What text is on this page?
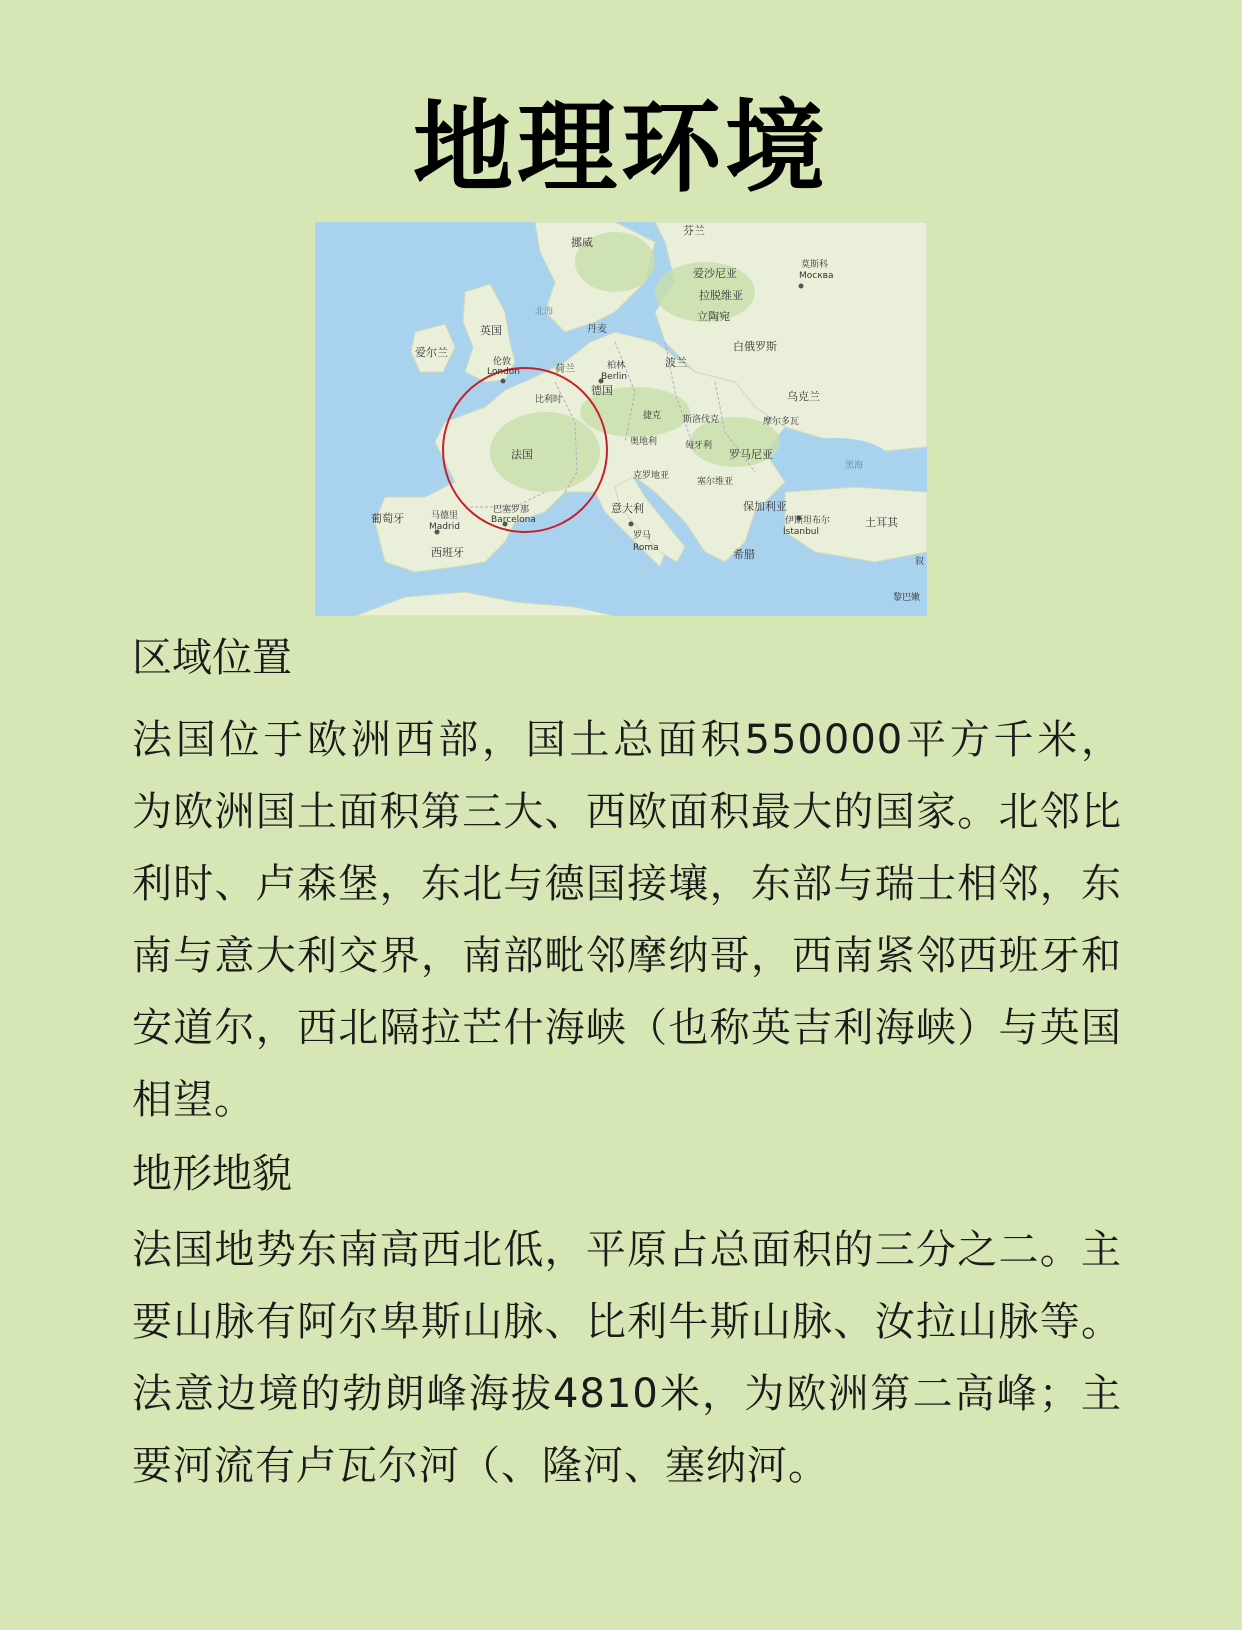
地理环境
芬兰
挪威
爱沙尼亚
莫斯科
Москва
拉脱维亚
立陶宛
北海
英国	丹麦
爱尔兰	白俄罗斯
伦敦
London	荷兰	柏林
Berlin
波兰
比利时
德国	乌克兰
捷克 斯洛伐克	摩尔多瓦
奥地利	匈牙利
法国	罗马尼亚
黑海
克罗地亚
塞尔维亚
巴塞罗那
Barcelona
意大利	保加利亚
葡萄牙	马德里
Madrid
伊斯坦布尔
İstanbul
土耳其
西班牙
罗马
Roma	希腊
叙
黎巴嫩

区域位置

法国位于欧洲西部，国土总面积550000平方千米， 为欧洲国土面积第三大、西欧面积最大的国家。北邻比利时、卢森堡，东北与德国接壤，东部与瑞士相邻，东南与意大利交界，南部毗邻摩纳哥，西南紧邻西班牙和安道尔，西北隔拉芒什海峡（也称英吉利海峡）与英国相望。

地形地貌

法国地势东南高西北低，平原占总面积的三分之二。主要山脉有阿尔卑斯山脉、比利牛斯山脉、汝拉山脉等。法意边境的勃朗峰海拔4810米，为欧洲第二高峰；主要河流有卢瓦尔河（、隆河、塞纳河。
